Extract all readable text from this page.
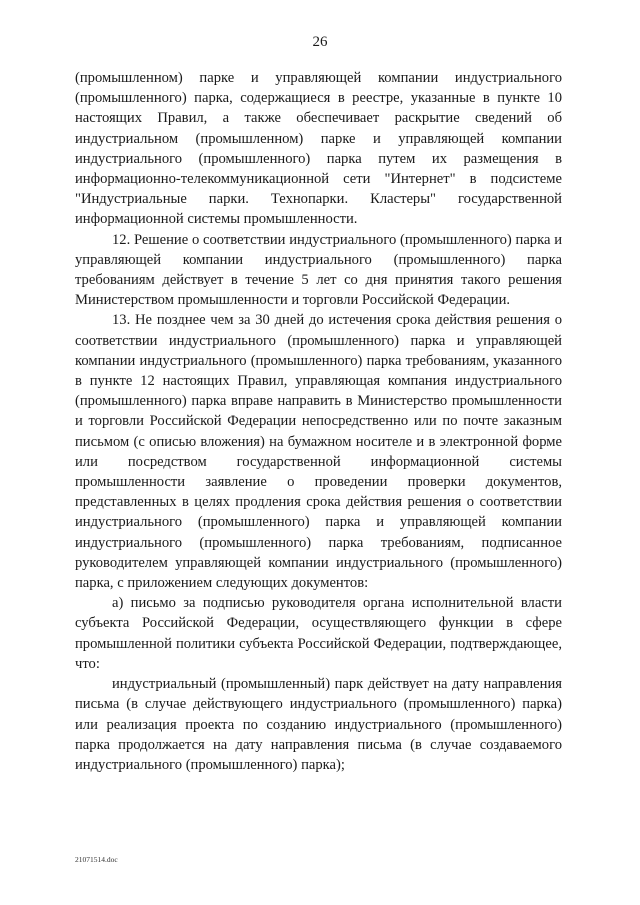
26

(промышленном) парке и управляющей компании индустриального (промышленного) парка, содержащиеся в реестре, указанные в пункте 10 настоящих Правил, а также обеспечивает раскрытие сведений об индустриальном (промышленном) парке и управляющей компании индустриального (промышленного) парка путем их размещения в информационно-телекоммуникационной сети "Интернет" в подсистеме "Индустриальные парки. Технопарки. Кластеры" государственной информационной системы промышленности.

12. Решение о соответствии индустриального (промышленного) парка и управляющей компании индустриального (промышленного) парка требованиям действует в течение 5 лет со дня принятия такого решения Министерством промышленности и торговли Российской Федерации.

13. Не позднее чем за 30 дней до истечения срока действия решения о соответствии индустриального (промышленного) парка и управляющей компании индустриального (промышленного) парка требованиям, указанного в пункте 12 настоящих Правил, управляющая компания индустриального (промышленного) парка вправе направить в Министерство промышленности и торговли Российской Федерации непосредственно или по почте заказным письмом (с описью вложения) на бумажном носителе и в электронной форме или посредством государственной информационной системы промышленности заявление о проведении проверки документов, представленных в целях продления срока действия решения о соответствии индустриального (промышленного) парка и управляющей компании индустриального (промышленного) парка требованиям, подписанное руководителем управляющей компании индустриального (промышленного) парка, с приложением следующих документов:

а) письмо за подписью руководителя органа исполнительной власти субъекта Российской Федерации, осуществляющего функции в сфере промышленной политики субъекта Российской Федерации, подтверждающее, что:

индустриальный (промышленный) парк действует на дату направления письма (в случае действующего индустриального (промышленного) парка) или реализация проекта по созданию индустриального (промышленного) парка продолжается на дату направления письма (в случае создаваемого индустриального (промышленного) парка);

21071514.doc
